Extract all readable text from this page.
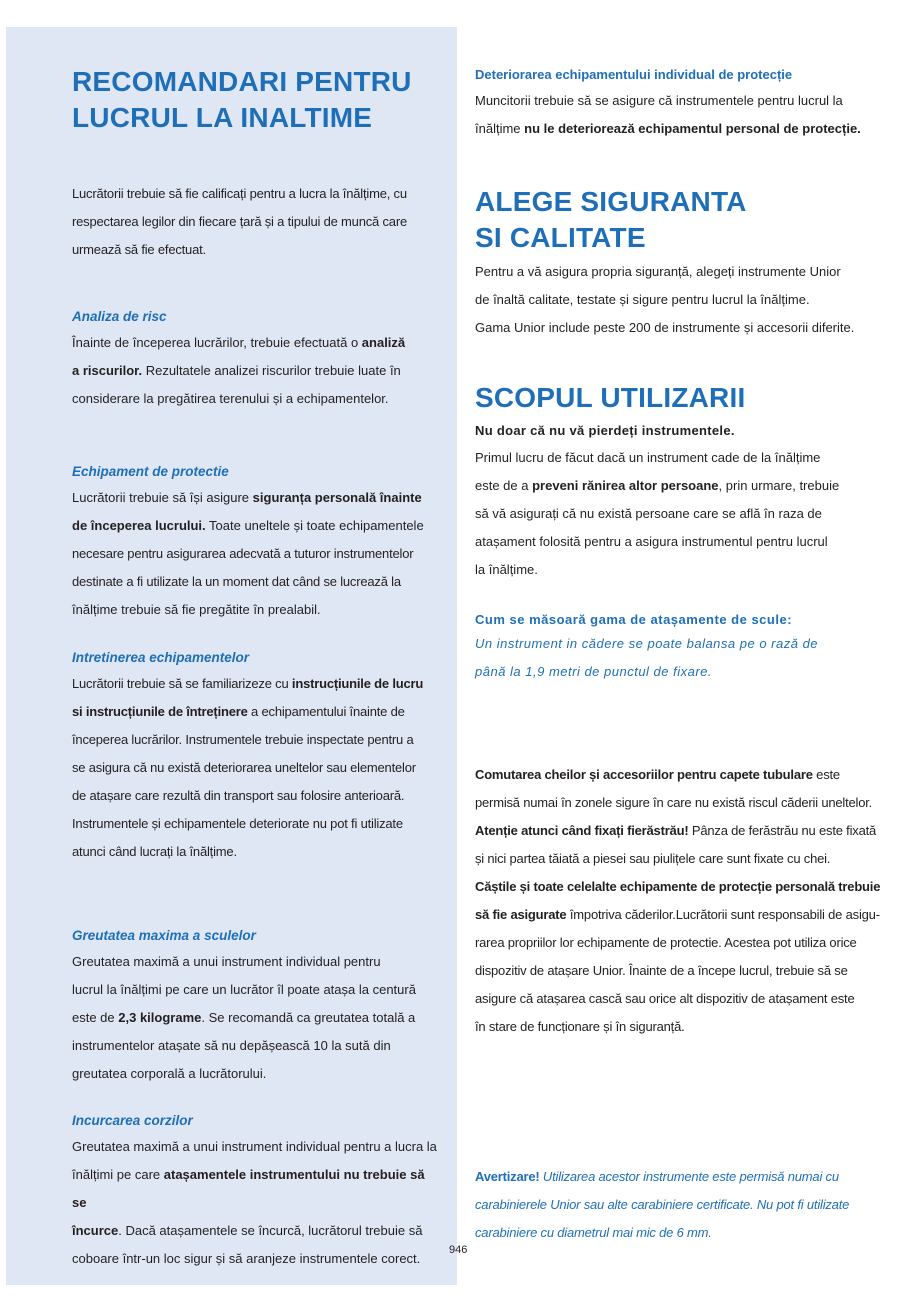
RECOMANDARI PENTRU

LUCRUL LA INALTIME

Lucrătorii trebuie să fie calificați pentru a lucra la înălțime, cu

respectarea legilor din fiecare țară și a tipului de muncă care

urmează să fie efectuat.

Analiza de risc

Înainte de începerea lucrărilor, trebuie efectuată o analiză

a riscurilor. Rezultatele analizei riscurilor trebuie luate în

considerare la pregătirea terenului și a echipamentelor.

Echipament de protectie

Lucrătorii trebuie să își asigure siguranța personală înainte

de începerea lucrului. Toate uneltele și toate echipamentele

necesare pentru asigurarea adecvată a tuturor instrumentelor

destinate a fi utilizate la un moment dat când se lucrează la

înălțime trebuie să fie pregătite în prealabil.

Intretinerea echipamentelor

Lucrătorii trebuie să se familiarizeze cu instrucțiunile de lucru

si instrucțiunile de întreținere a echipamentului înainte de

începerea lucrărilor. Instrumentele trebuie inspectate pentru a

se asigura că nu există deteriorarea uneltelor sau elementelor

de atașare care rezultă din transport sau folosire anterioară.

Instrumentele și echipamentele deteriorate nu pot fi utilizate

atunci când lucrați la înălțime.

Greutatea maxima a sculelor

Greutatea maximă a unui instrument individual pentru

lucrul la înălțimi pe care un lucrător îl poate atașa la centură

este de 2,3 kilograme. Se recomandă ca greutatea totală a

instrumentelor atașate să nu depășească 10 la sută din

greutatea corporală a lucrătorului.

Incurcarea corzilor

Greutatea maximă a unui instrument individual pentru a lucra la

înălțimi pe care atașamentele instrumentului nu trebuie să se

încurce. Dacă atașamentele se încurcă, lucrătorul trebuie să

coboare într-un loc sigur și să aranjeze instrumentele corect.

Deteriorarea echipamentului individual de protecție

Muncitorii trebuie să se asigure că instrumentele pentru lucrul la

înălțime nu le deteriorează echipamentul personal de protecție.

ALEGE SIGURANTA

SI CALITATE

Pentru a vă asigura propria siguranță, alegeți instrumente Unior

de înaltă calitate, testate și sigure pentru lucrul la înălțime.

Gama Unior include peste 200 de instrumente și accesorii diferite.

SCOPUL UTILIZARII

Nu doar că nu vă pierdeți instrumentele.

Primul lucru de făcut dacă un instrument cade de la înălțime

este de a preveni rănirea altor persoane, prin urmare, trebuie

să vă asigurați că nu există persoane care se află în raza de

atașament folosită pentru a asigura instrumentul pentru lucrul

la înălțime.

Cum se măsoară gama de atașamente de scule:

Un instrument in cădere se poate balansa pe o rază de

până la 1,9 metri de punctul de fixare.

Comutarea cheilor și accesoriilor pentru capete tubulare este

permisă numai în zonele sigure în care nu există riscul căderii uneltelor.

Atenție atunci când fixați fierăstrău! Pânza de ferăstrău nu este fixată

și nici partea tăiată a piesei sau piulițele care sunt fixate cu chei.

Căștile și toate celelalte echipamente de protecție personală trebuie

să fie asigurate împotriva căderilor.Lucrătorii sunt responsabili de asigu-

rarea propriilor lor echipamente de protectie. Acestea pot utiliza orice

dispozitiv de atașare Unior. Înainte de a începe lucrul, trebuie să se

asigure că atașarea cască sau orice alt dispozitiv de atașament este

în stare de funcționare și în siguranță.

Avertizare! Utilizarea acestor instrumente este permisă numai cu

carabinierele Unior sau alte carabiniere certificate. Nu pot fi utilizate

carabiniere cu diametrul mai mic de 6 mm.

946
